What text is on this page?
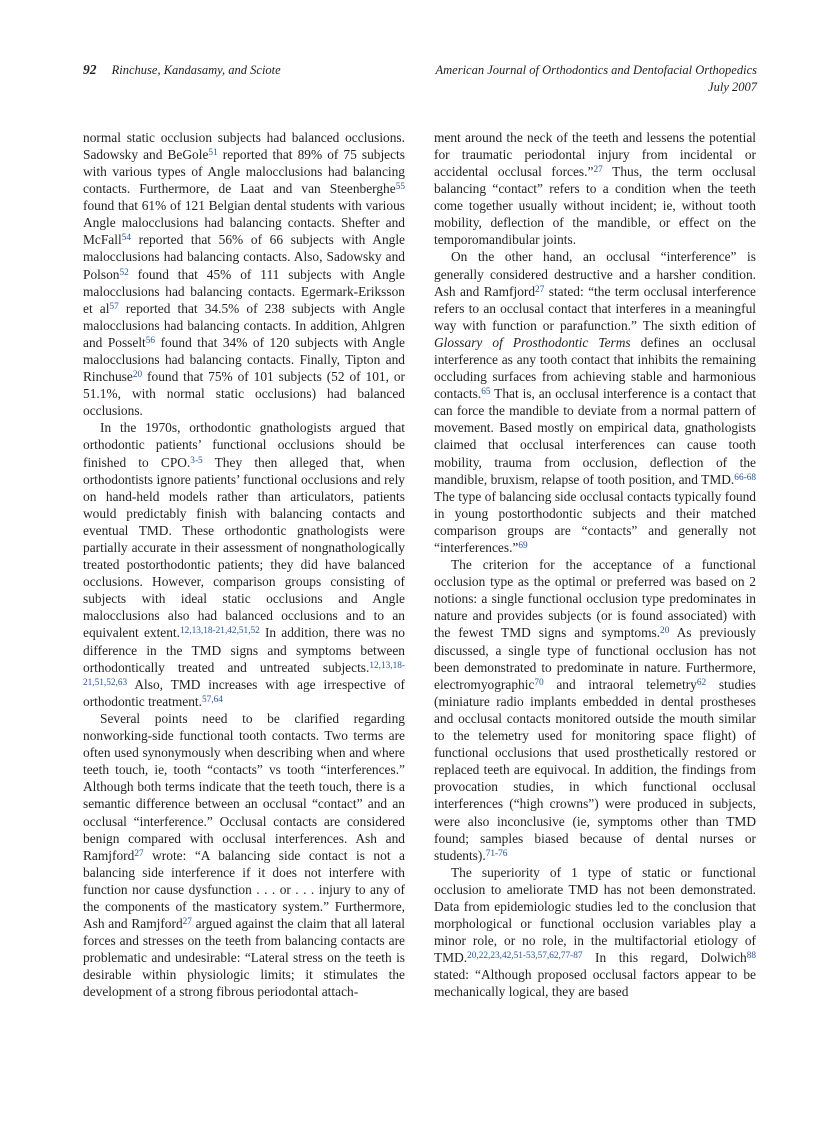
92 Rinchuse, Kandasamy, and Sciote	American Journal of Orthodontics and Dentofacial Orthopedics
July 2007

normal static occlusion subjects had balanced occlusions. Sadowsky and BeGole$^{51}$ reported that 89% of 75 subjects with various types of Angle malocclusions had balancing contacts. Furthermore, de Laat and van Steenberghe$^{55}$ found that 61% of 121 Belgian dental students with various Angle malocclusions had balancing contacts. Shefter and McFall$^{54}$ reported that 56% of 66 subjects with Angle malocclusions had balancing contacts. Also, Sadowsky and Polson$^{52}$ found that 45% of 111 subjects with Angle malocclusions had balancing contacts. Egermark-Eriksson et al$^{57}$ reported that 34.5% of 238 subjects with Angle malocclusions had balancing contacts. In addition, Ahlgren and Posselt$^{56}$ found that 34% of 120 subjects with Angle malocclusions had balancing contacts. Finally, Tipton and Rinchuse$^{20}$ found that 75% of 101 subjects (52 of 101, or 51.1%, with normal static occlusions) had balanced occlusions.

In the 1970s, orthodontic gnathologists argued that orthodontic patients’ functional occlusions should be finished to CPO.$^{3-5}$ They then alleged that, when orthodontists ignore patients’ functional occlusions and rely on hand-held models rather than articulators, patients would predictably finish with balancing contacts and eventual TMD. These orthodontic gnathologists were partially accurate in their assessment of nongnathologically treated postorthodontic patients; they did have balanced occlusions. However, comparison groups consisting of subjects with ideal static occlusions and Angle malocclusions also had balanced occlusions and to an equivalent extent.$^{12,13,18-21,42,51,52}$ In addition, there was no difference in the TMD signs and symptoms between orthodontically treated and untreated subjects.$^{12,13,18-21,51,52,63}$ Also, TMD increases with age irrespective of orthodontic treatment.$^{57,64}$

Several points need to be clarified regarding nonworking-side functional tooth contacts. Two terms are often used synonymously when describing when and where teeth touch, ie, tooth “contacts” vs tooth “interferences.” Although both terms indicate that the teeth touch, there is a semantic difference between an occlusal “contact” and an occlusal “interference.” Occlusal contacts are considered benign compared with occlusal interferences. Ash and Ramjford$^{27}$ wrote: “A balancing side contact is not a balancing side interference if it does not interfere with function nor cause dysfunction . . . or . . . injury to any of the components of the masticatory system.” Furthermore, Ash and Ramjford$^{27}$ argued against the claim that all lateral forces and stresses on the teeth from balancing contacts are problematic and undesirable: “Lateral stress on the teeth is desirable within physiologic limits; it stimulates the development of a strong fibrous periodontal attach-

ment around the neck of the teeth and lessens the potential for traumatic periodontal injury from incidental or accidental occlusal forces.”$^{27}$ Thus, the term occlusal balancing “contact” refers to a condition when the teeth come together usually without incident; ie, without tooth mobility, deflection of the mandible, or effect on the temporomandibular joints.

On the other hand, an occlusal “interference” is generally considered destructive and a harsher condition. Ash and Ramfjord$^{27}$ stated: “the term occlusal interference refers to an occlusal contact that interferes in a meaningful way with function or parafunction.” The sixth edition of Glossary of Prosthodontic Terms defines an occlusal interference as any tooth contact that inhibits the remaining occluding surfaces from achieving stable and harmonious contacts.$^{65}$ That is, an occlusal interference is a contact that can force the mandible to deviate from a normal pattern of movement. Based mostly on empirical data, gnathologists claimed that occlusal interferences can cause tooth mobility, trauma from occlusion, deflection of the mandible, bruxism, relapse of tooth position, and TMD.$^{66-68}$ The type of balancing side occlusal contacts typically found in young postorthodontic subjects and their matched comparison groups are “contacts” and generally not “interferences.”$^{69}$

The criterion for the acceptance of a functional occlusion type as the optimal or preferred was based on 2 notions: a single functional occlusion type predominates in nature and provides subjects (or is found associated) with the fewest TMD signs and symptoms.$^{20}$ As previously discussed, a single type of functional occlusion has not been demonstrated to predominate in nature. Furthermore, electromyographic$^{70}$ and intraoral telemetry$^{62}$ studies (miniature radio implants embedded in dental prostheses and occlusal contacts monitored outside the mouth similar to the telemetry used for monitoring space flight) of functional occlusions that used prosthetically restored or replaced teeth are equivocal. In addition, the findings from provocation studies, in which functional occlusal interferences (“high crowns”) were produced in subjects, were also inconclusive (ie, symptoms other than TMD found; samples biased because of dental nurses or students).$^{71-76}$

The superiority of 1 type of static or functional occlusion to ameliorate TMD has not been demonstrated. Data from epidemiologic studies led to the conclusion that morphological or functional occlusion variables play a minor role, or no role, in the multifactorial etiology of TMD.$^{20,22,23,42,51-53,57,62,77-87}$ In this regard, Dolwich$^{88}$ stated: “Although proposed occlusal factors appear to be mechanically logical, they are based
